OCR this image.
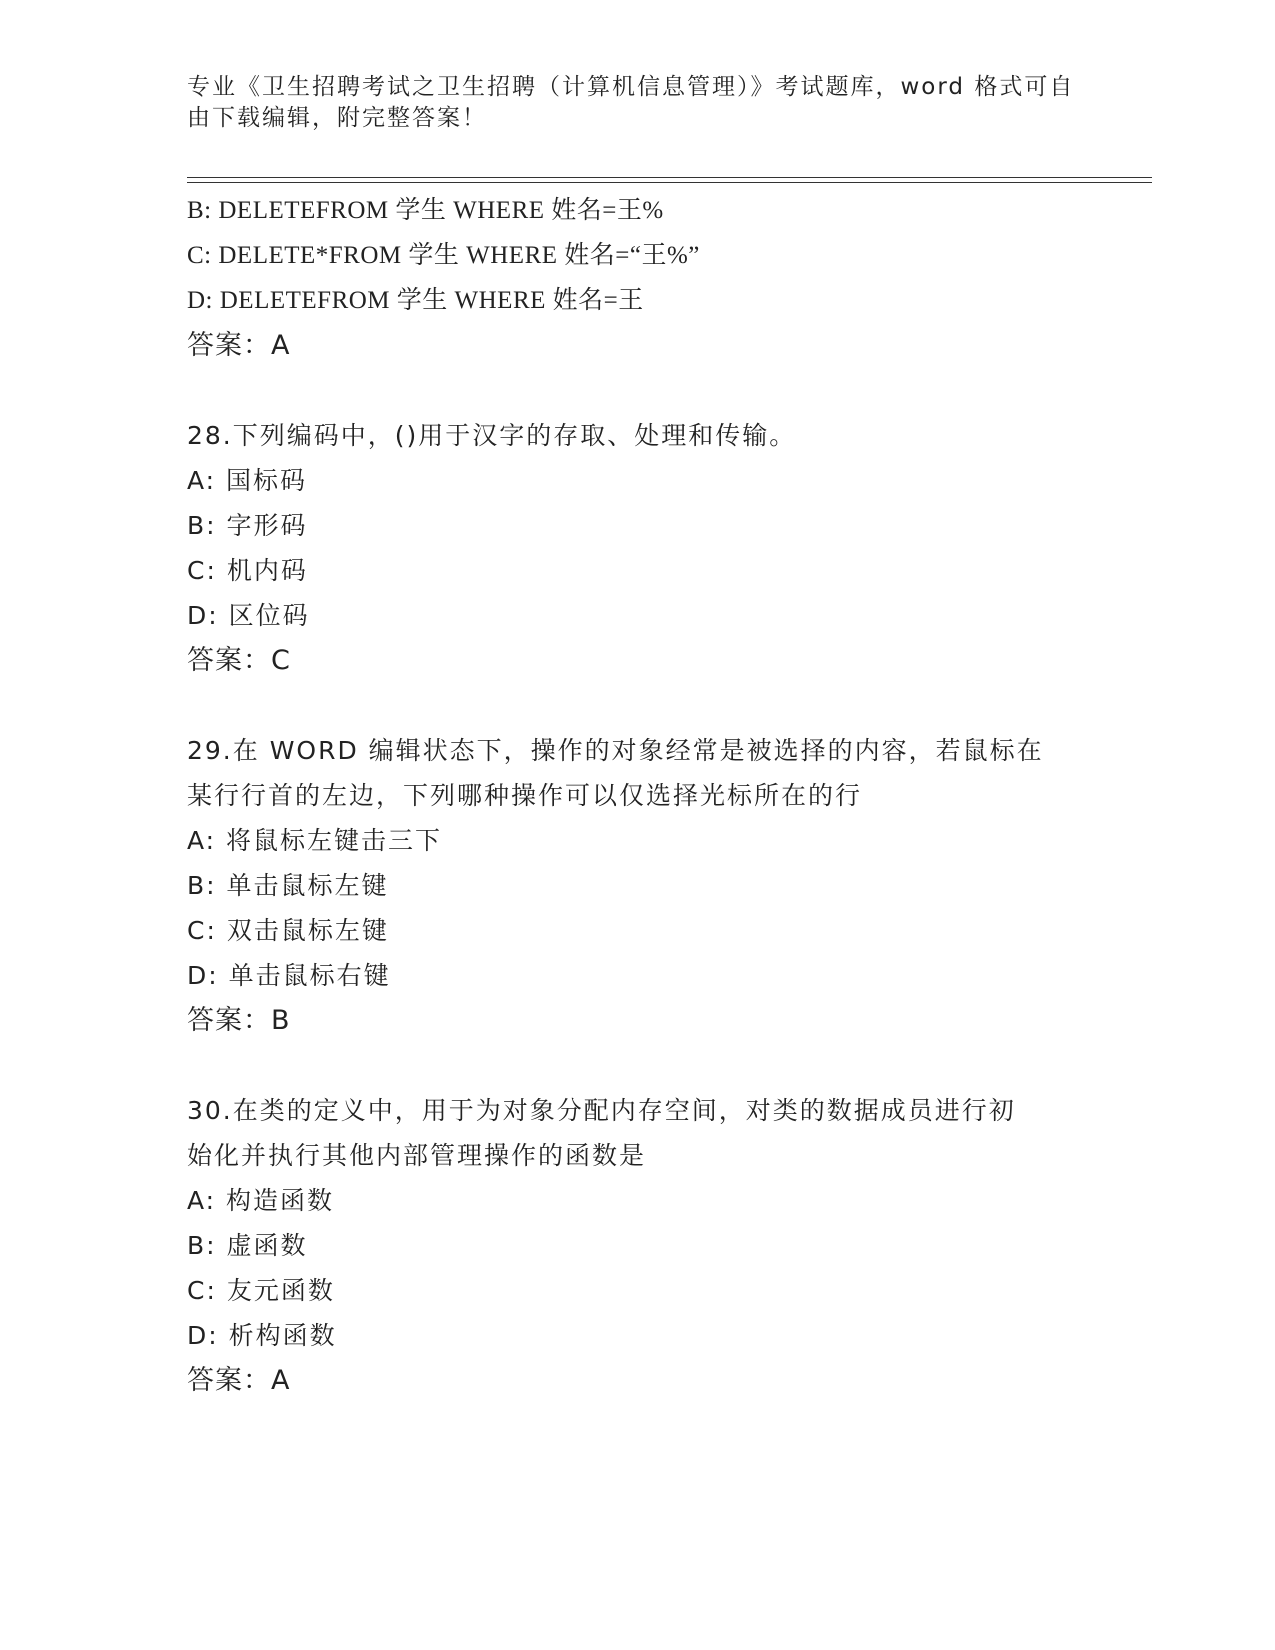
专业《卫生招聘考试之卫生招聘（计算机信息管理）》考试题库，word 格式可自
由下载编辑，附完整答案！
B: DELETEFROM 学生 WHERE 姓名=王%
C: DELETE*FROM 学生 WHERE 姓名=“王%”
D: DELETEFROM 学生 WHERE 姓名=王
答案：A
28.下列编码中，()用于汉字的存取、处理和传输。
A: 国标码
B: 字形码
C: 机内码
D: 区位码
答案：C
29.在 WORD 编辑状态下，操作的对象经常是被选择的内容，若鼠标在
某行行首的左边，下列哪种操作可以仅选择光标所在的行
A: 将鼠标左键击三下
B: 单击鼠标左键
C: 双击鼠标左键
D: 单击鼠标右键
答案：B
30.在类的定义中，用于为对象分配内存空间，对类的数据成员进行初
始化并执行其他内部管理操作的函数是
A: 构造函数
B: 虚函数
C: 友元函数
D: 析构函数
答案：A
